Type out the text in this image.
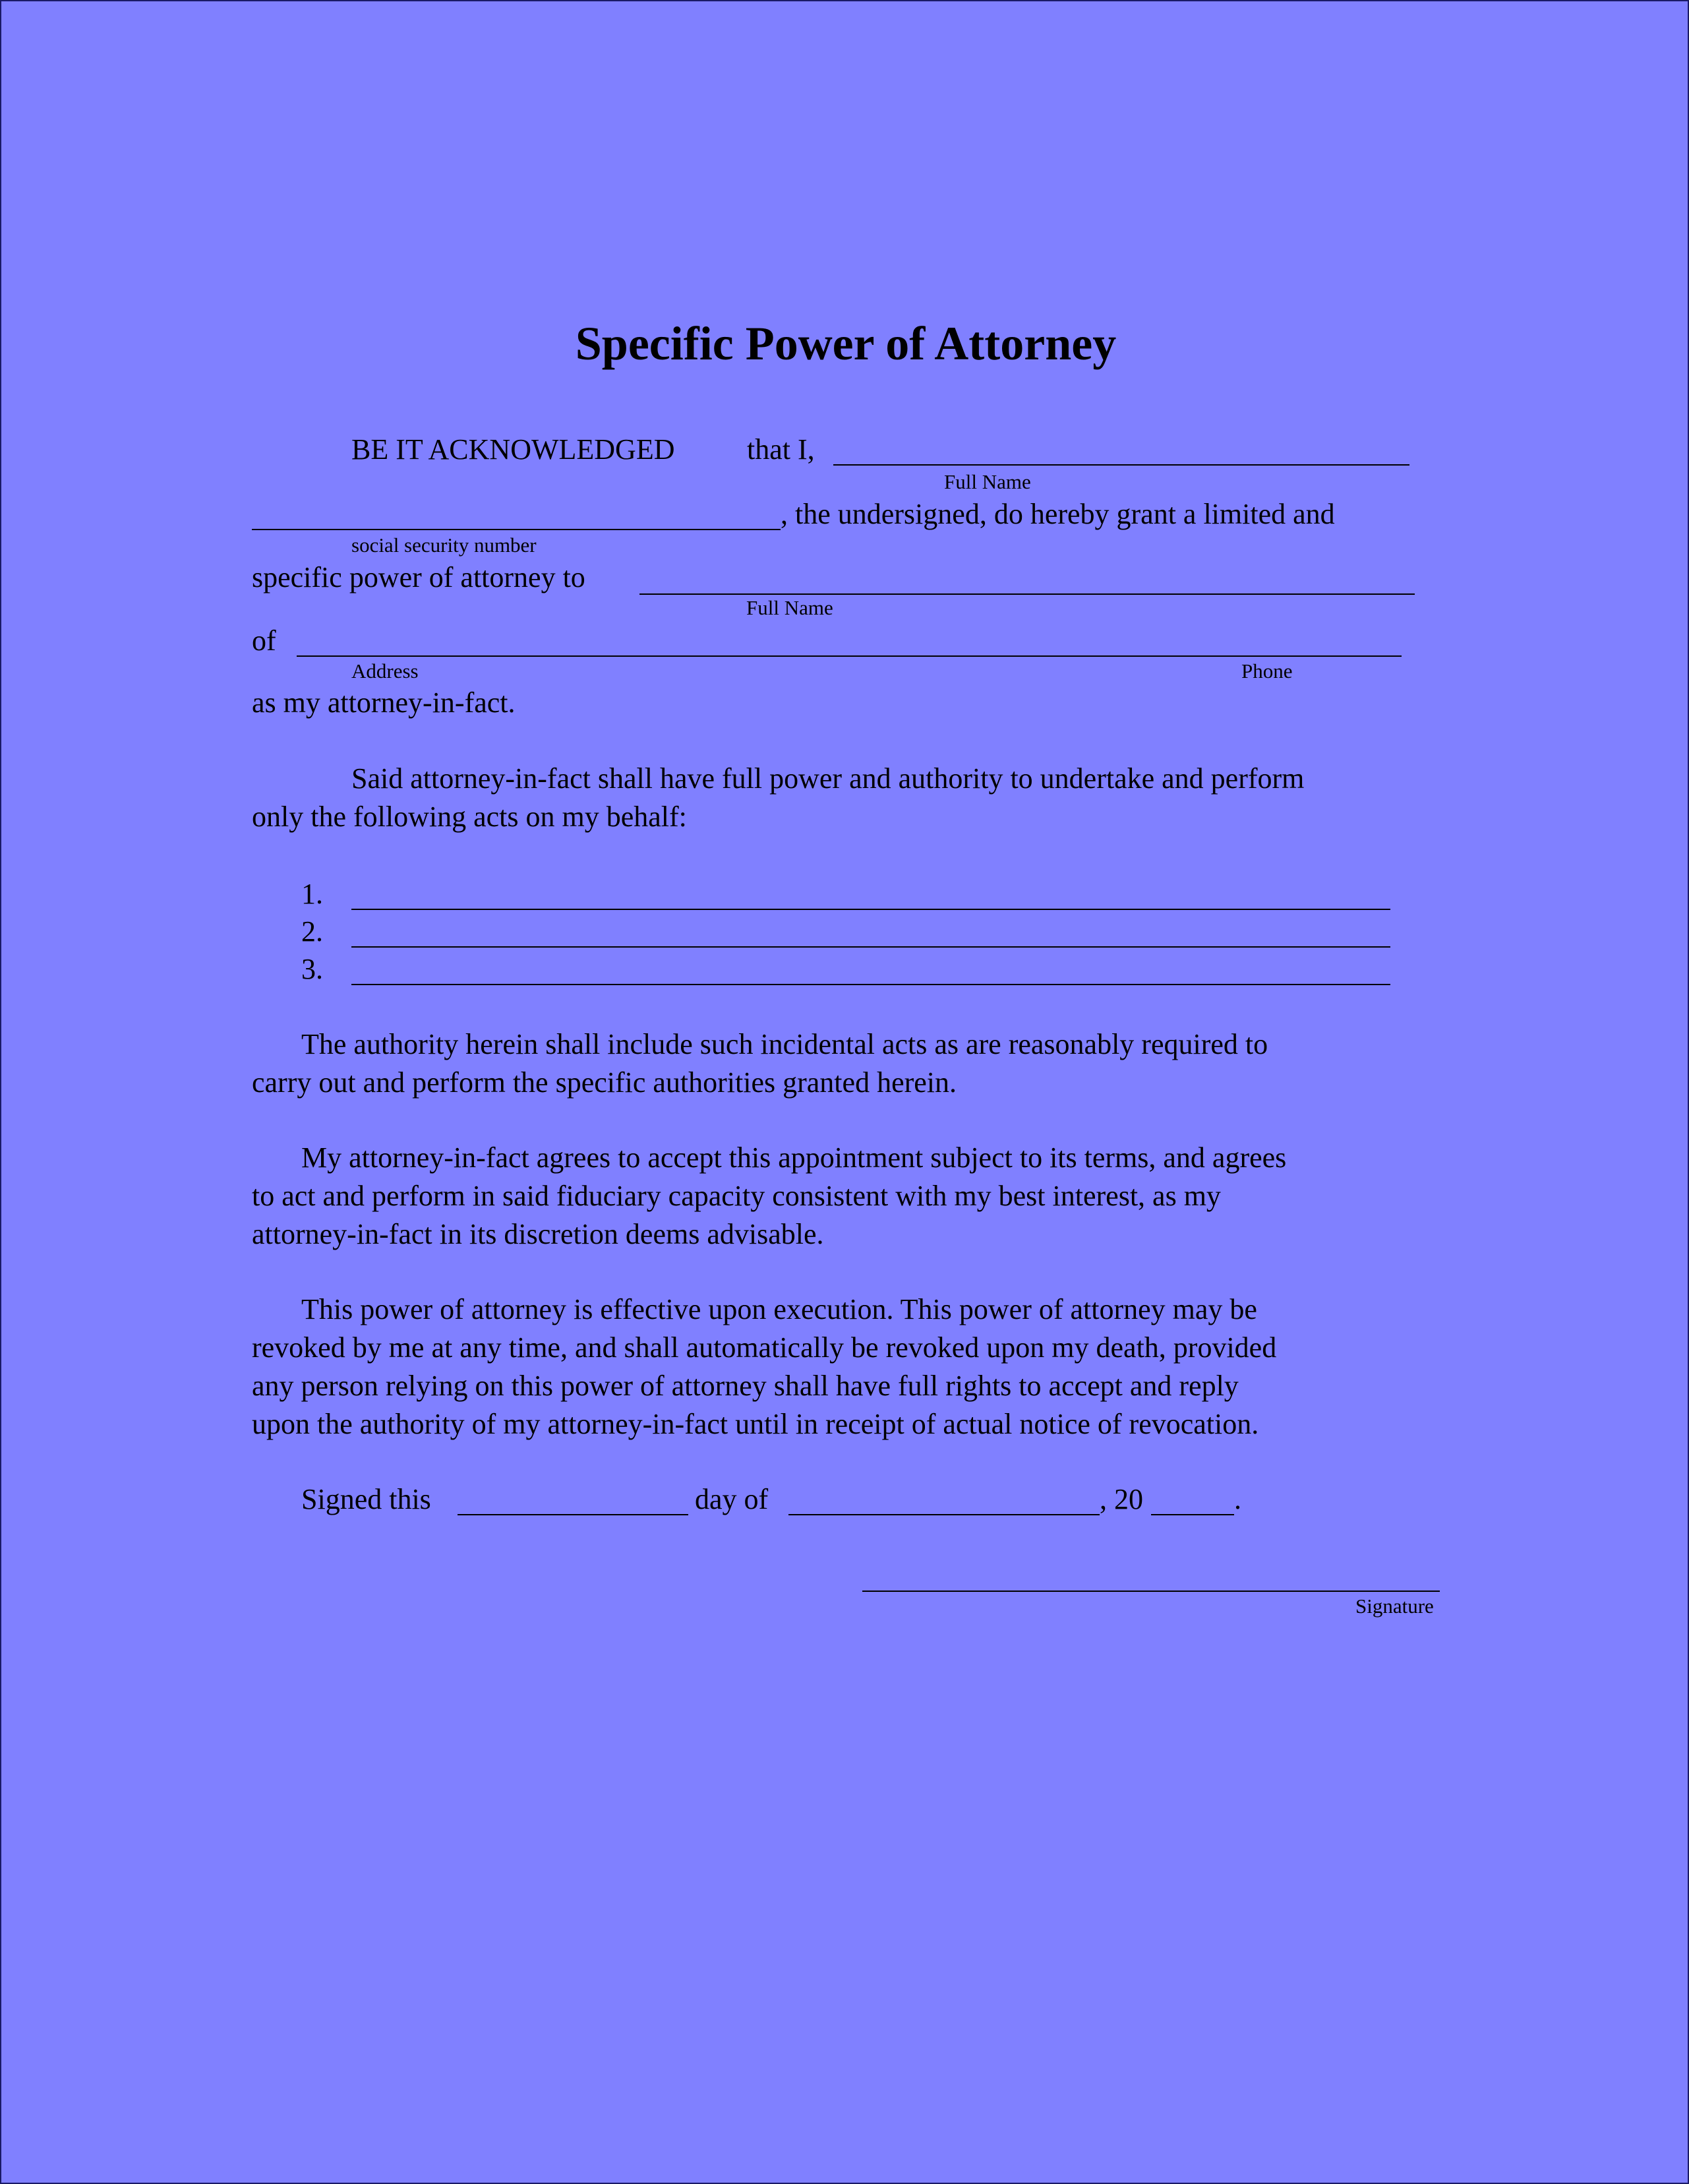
Specific Power of Attorney
BE IT ACKNOWLEDGED that I,
Full Name
, the undersigned, do hereby grant a limited and
social security number
specific power of attorney to
Full Name
of
Address	Phone
as my attorney-in-fact.
Said attorney-in-fact shall have full power and authority to undertake and perform
only the following acts on my behalf:
1.
2.
3.
The authority herein shall include such incidental acts as are reasonably required to
carry out and perform the specific authorities granted herein.
My attorney-in-fact agrees to accept this appointment subject to its terms, and agrees
to act and perform in said fiduciary capacity consistent with my best interest, as my
attorney-in-fact in its discretion deems advisable.
This power of attorney is effective upon execution. This power of attorney may be
revoked by me at any time, and shall automatically be revoked upon my death, provided
any person relying on this power of attorney shall have full rights to accept and reply
upon the authority of my attorney-in-fact until in receipt of actual notice of revocation.
Signed this	day of	, 20	.
Signature
